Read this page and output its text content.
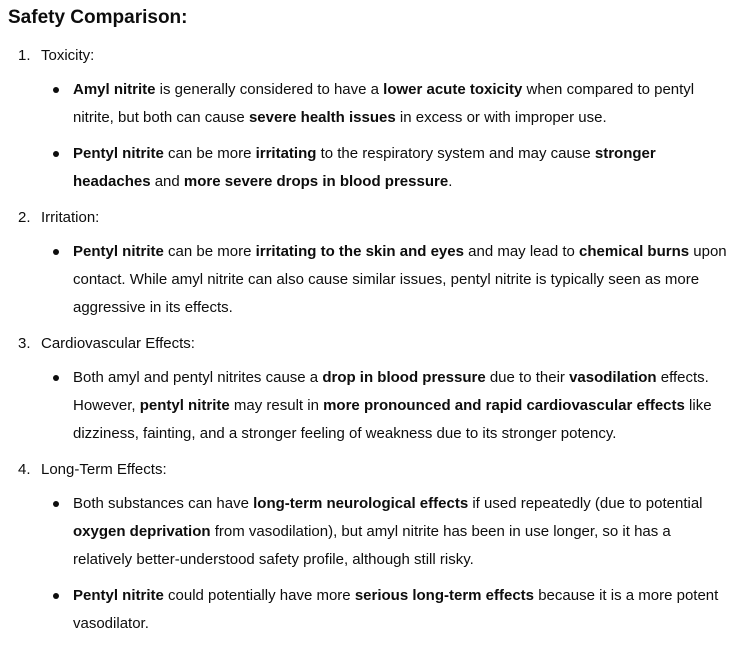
Safety Comparison:
1. Toxicity:
Amyl nitrite is generally considered to have a lower acute toxicity when compared to pentyl nitrite, but both can cause severe health issues in excess or with improper use.
Pentyl nitrite can be more irritating to the respiratory system and may cause stronger headaches and more severe drops in blood pressure.
2. Irritation:
Pentyl nitrite can be more irritating to the skin and eyes and may lead to chemical burns upon contact. While amyl nitrite can also cause similar issues, pentyl nitrite is typically seen as more aggressive in its effects.
3. Cardiovascular Effects:
Both amyl and pentyl nitrites cause a drop in blood pressure due to their vasodilation effects. However, pentyl nitrite may result in more pronounced and rapid cardiovascular effects like dizziness, fainting, and a stronger feeling of weakness due to its stronger potency.
4. Long-Term Effects:
Both substances can have long-term neurological effects if used repeatedly (due to potential oxygen deprivation from vasodilation), but amyl nitrite has been in use longer, so it has a relatively better-understood safety profile, although still risky.
Pentyl nitrite could potentially have more serious long-term effects because it is a more potent vasodilator.
